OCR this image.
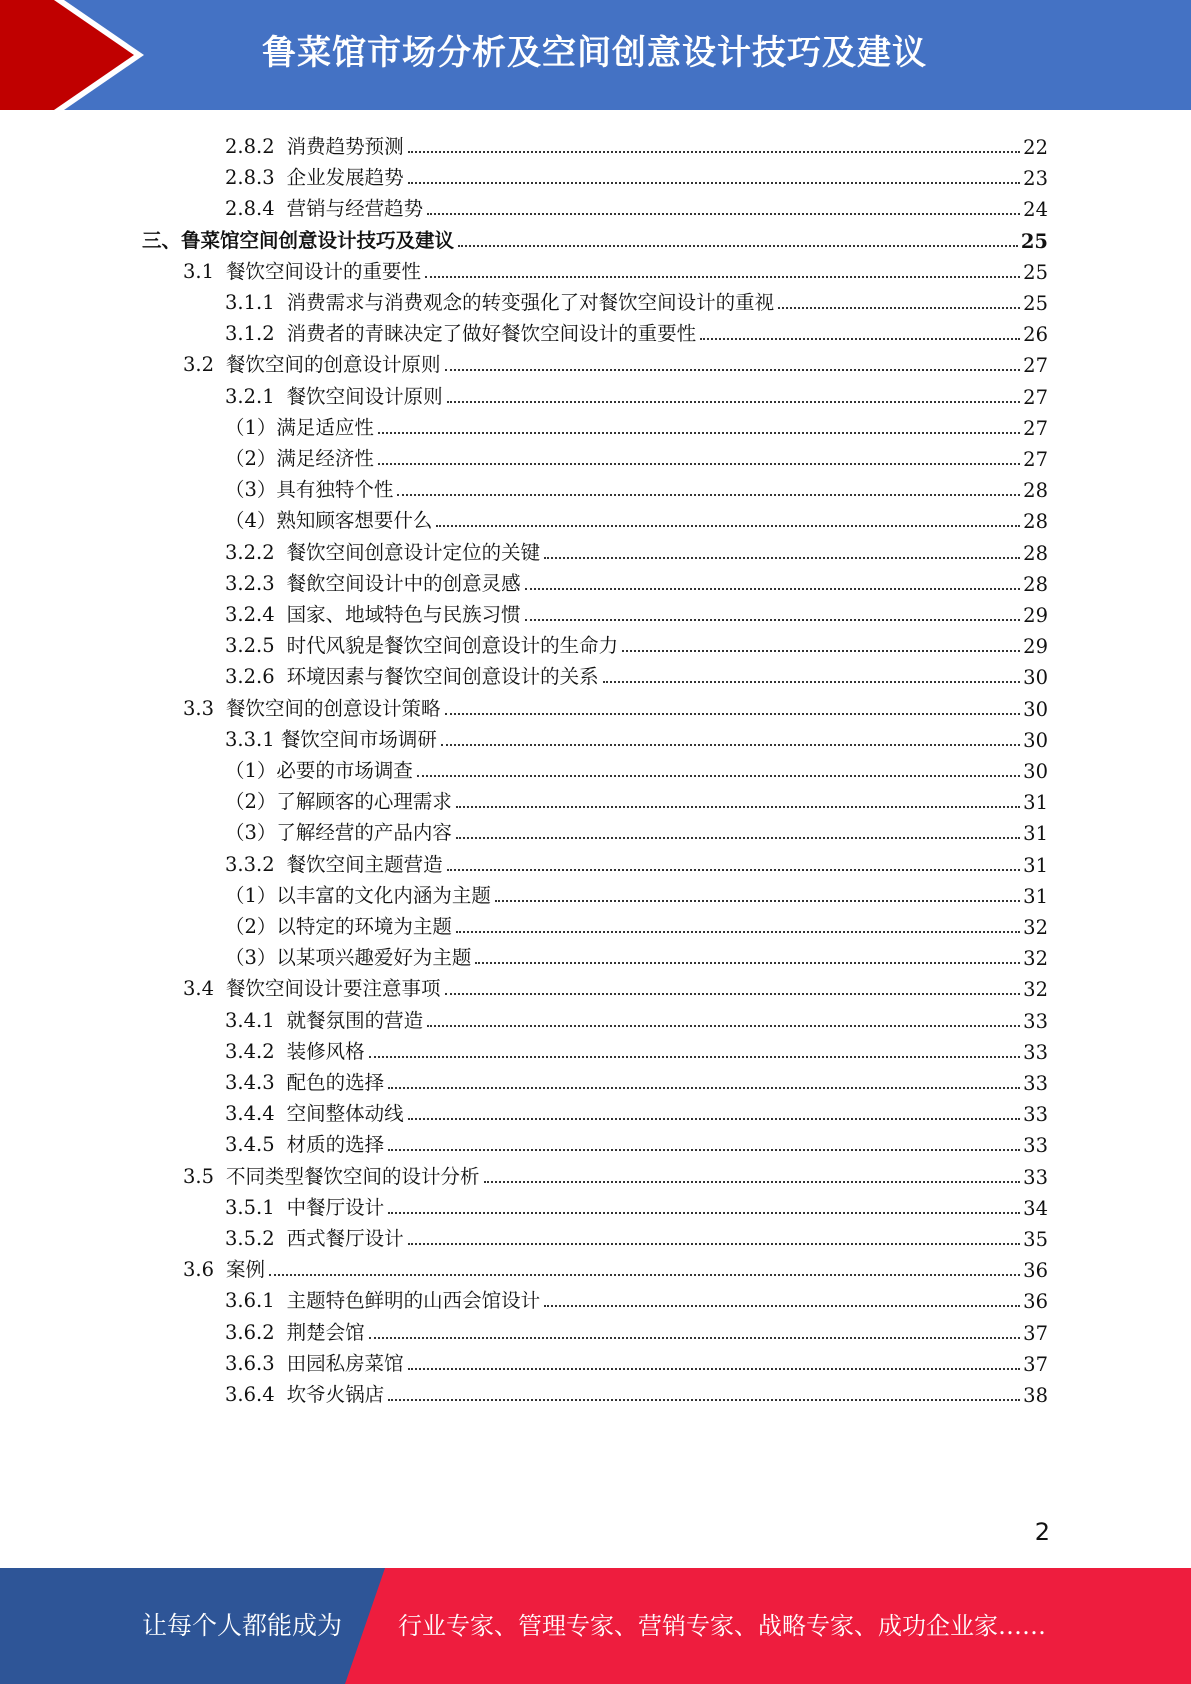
鲁菜馆市场分析及空间创意设计技巧及建议
2.8.2 消费趋势预测	22
2.8.3 企业发展趋势	23
2.8.4 营销与经营趋势	24
三、鲁菜馆空间创意设计技巧及建议	25
3.1 餐饮空间设计的重要性	25
3.1.1 消费需求与消费观念的转变强化了对餐饮空间设计的重视	25
3.1.2 消费者的青睐决定了做好餐饮空间设计的重要性	26
3.2 餐饮空间的创意设计原则	27
3.2.1 餐饮空间设计原则	27
（1）满足适应性	27
（2）满足经济性	27
（3）具有独特个性	28
（4）熟知顾客想要什么	28
3.2.2 餐饮空间创意设计定位的关键	28
3.2.3 餐飲空间设计中的创意灵感	28
3.2.4 国家、地域特色与民族习惯	29
3.2.5 时代风貌是餐饮空间创意设计的生命力	29
3.2.6 环境因素与餐饮空间创意设计的关系	30
3.3 餐饮空间的创意设计策略	30
3.3.1 餐饮空间市场调研	30
（1）必要的市场调查	30
（2）了解顾客的心理需求	31
（3）了解经营的产品内容	31
3.3.2 餐饮空间主题营造	31
（1）以丰富的文化内涵为主题	31
（2）以特定的环境为主题	32
（3）以某项兴趣爱好为主题	32
3.4 餐饮空间设计要注意事项	32
3.4.1 就餐氛围的营造	33
3.4.2 装修风格	33
3.4.3 配色的选择	33
3.4.4 空间整体动线	33
3.4.5 材质的选择	33
3.5 不同类型餐饮空间的设计分析	33
3.5.1 中餐厅设计	34
3.5.2 西式餐厅设计	35
3.6 案例	36
3.6.1 主题特色鲜明的山西会馆设计	36
3.6.2 荆楚会馆	37
3.6.3 田园私房菜馆	37
3.6.4 坎爷火锅店	38
2
让每个人都能成为 行业专家、管理专家、营销专家、战略专家、成功企业家……
